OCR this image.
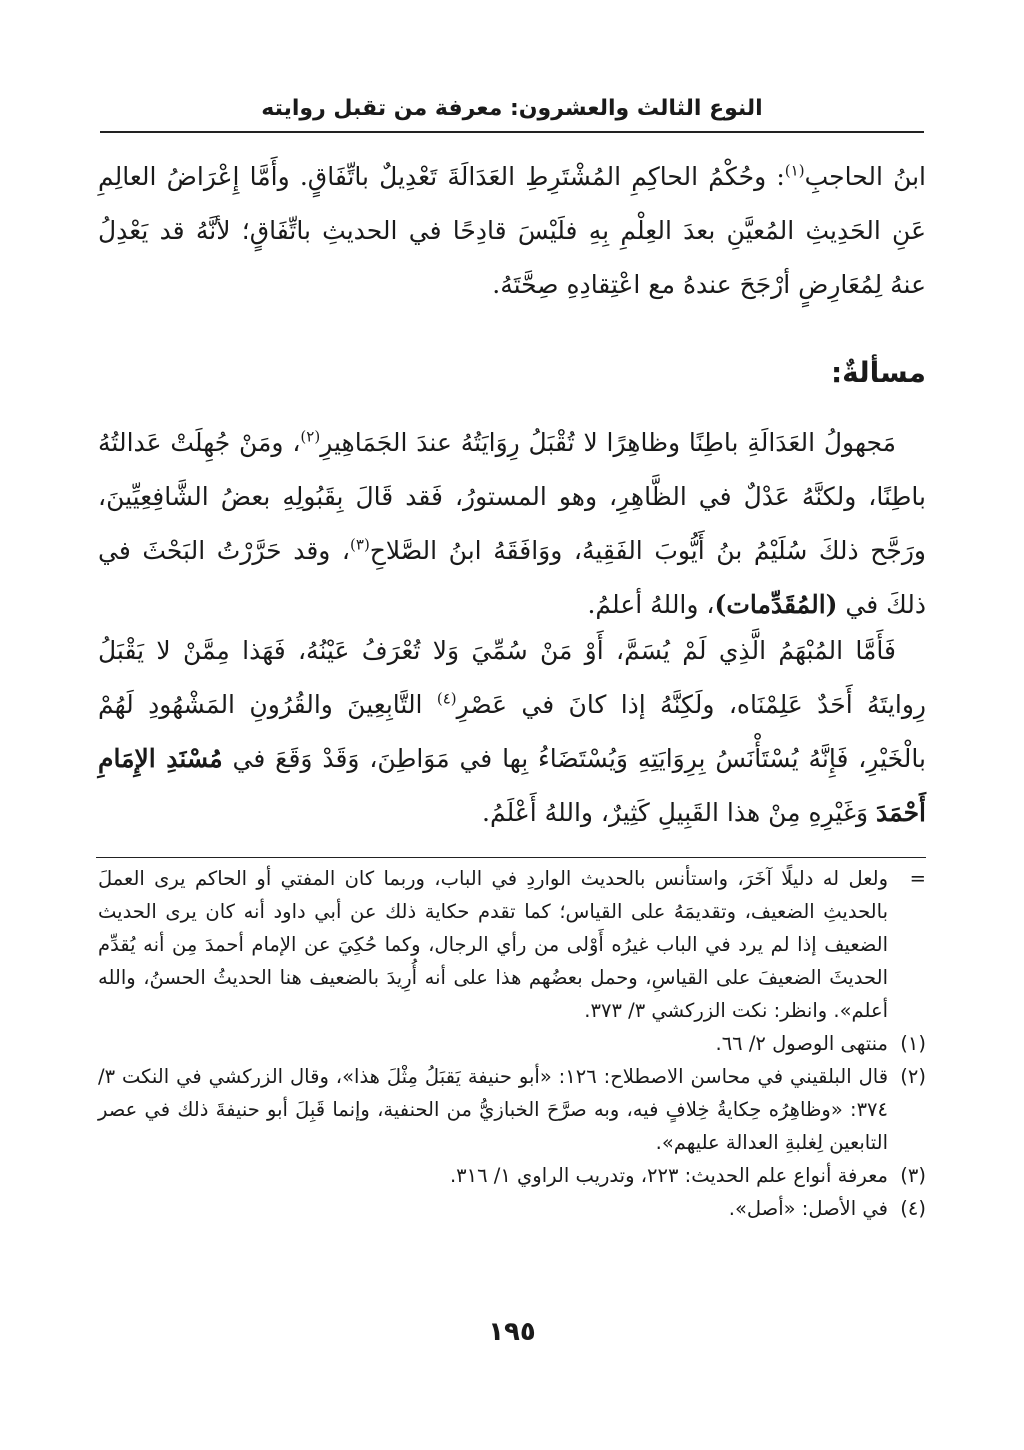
النوع الثالث والعشرون: معرفة من تقبل روايته
ابنُ الحاجبِ$^{(١)}$: وحُكْمُ الحاكِمِ المُشْتَرِطِ العَدَالَةَ تَعْدِيلٌ باتِّفَاقٍ. وأَمَّا إِعْرَاضُ العالِمِ عَنِ الحَدِيثِ المُعيَّنِ بعدَ العِلْمِ بِهِ فلَيْسَ قادِحًا في الحديثِ باتِّفَاقٍ؛ لأنَّهُ قد يَعْدِلُ عنهُ لِمُعَارِضٍ أرْجَحَ عندهُ مع اعْتِقادِهِ صِحَّتَهُ.
مسألةٌ:
مَجهولُ العَدَالَةِ باطِنًا وظاهِرًا لا تُقْبَلُ رِوَايَتُهُ عندَ الجَمَاهِيرِ$^{(٢)}$، ومَنْ جُهِلَتْ عَدالتُهُ باطِنًا، ولكنَّهُ عَدْلٌ في الظَّاهِرِ، وهو المستورُ، فَقد قَالَ بِقَبُولِهِ بعضُ الشَّافِعِيِّينَ، ورَجَّح ذلكَ سُلَيْمُ بنُ أَيُّوبَ الفَقِيهُ، ووَافَقَهُ ابنُ الصَّلاحِ$^{(٣)}$، وقد حَرَّرْتُ البَحْثَ في ذلكَ في (المُقَدِّمات)، واللهُ أعلمُ.
فَأَمَّا المُبْهَمُ الَّذِي لَمْ يُسَمَّ، أَوْ مَنْ سُمِّيَ وَلا تُعْرَفُ عَيْنُهُ، فَهَذا مِمَّنْ لا يَقْبَلُ رِوايتَهُ أَحَدٌ عَلِمْنَاه، ولَكِنَّهُ إذا كانَ في عَصْرِ$^{(٤)}$ التَّابِعِينَ والقُرُونِ المَشْهُودِ لَهُمْ بالْخَيْرِ، فَإِنَّهُ يُسْتَأْنَسُ بِرِوَايَتِهِ وَيُسْتَضَاءُ بِها في مَوَاطِنَ، وَقَدْ وَقَعَ في مُسْنَدِ الإِمَامِ أَحْمَدَ وَغَيْرِهِ مِنْ هذا القَبِيلِ كَثِيرٌ، واللهُ أَعْلَمُ.
=
ولعل له دليلًا آخَرَ، واستأنس بالحديث الواردِ في الباب، وربما كان المفتي أو الحاكم يرى العملَ بالحديثِ الضعيف، وتقديمَهُ على القياس؛ كما تقدم حكاية ذلك عن أبي داود أنه كان يرى الحديث الضعيف إذا لم يرد في الباب غيرُه أَوْلى من رأي الرجال، وكما حُكِيَ عن الإمام أحمدَ مِن أنه يُقدِّم الحديثَ الضعيفَ على القياسِ، وحمل بعضُهم هذا على أنه أُرِيدَ بالضعيف هنا الحديثُ الحسنُ، والله أعلم». وانظر: نكت الزركشي ٣/ ٣٧٣.
(١)
منتهى الوصول ٢/ ٦٦.
(٢)
قال البلقيني في محاسن الاصطلاح: ١٢٦: «أبو حنيفة يَقبَلُ مِثْلَ هذا»، وقال الزركشي في النكت ٣/ ٣٧٤: «وظاهِرُه حِكايةُ خِلافٍ فيه، وبه صرَّحَ الخبازيُّ من الحنفية، وإنما قَبِلَ أبو حنيفةَ ذلك في عصر التابعين لِغلبةِ العدالة عليهم».
(٣)
معرفة أنواع علم الحديث: ٢٢٣، وتدريب الراوي ١/ ٣١٦.
(٤)
في الأصل: «أصل».
١٩٥
